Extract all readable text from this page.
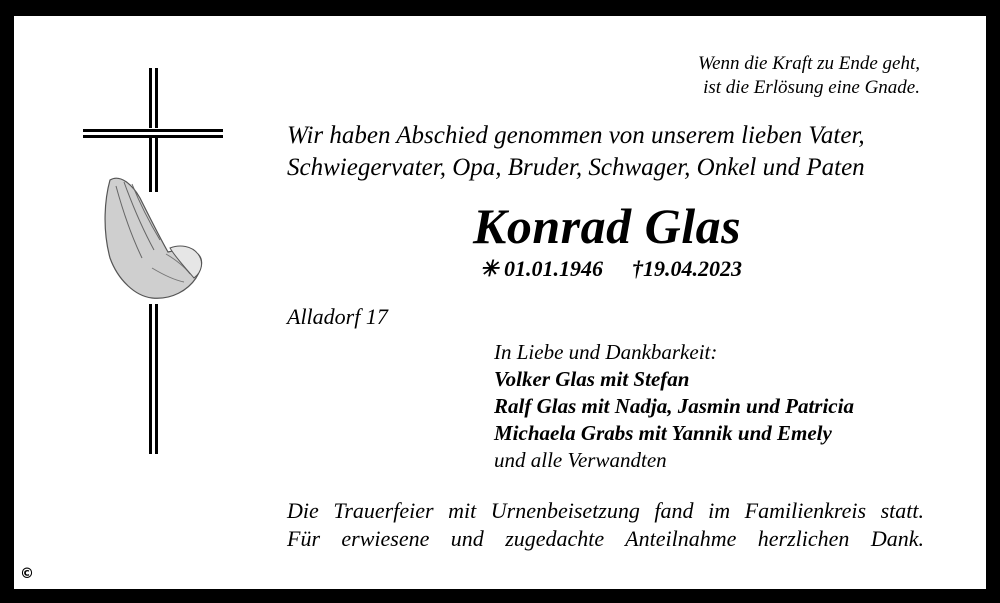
Wenn die Kraft zu Ende geht,
ist die Erlösung eine Gnade.
Wir haben Abschied genommen von unserem lieben Vater,
Schwiegervater, Opa, Bruder, Schwager, Onkel und Paten
Konrad Glas
✳ 01.01.1946 †19.04.2023
Alladorf 17
In Liebe und Dankbarkeit:
Volker Glas mit Stefan
Ralf Glas mit Nadja, Jasmin und Patricia
Michaela Grabs mit Yannik und Emely
und alle Verwandten
Die Trauerfeier mit Urnenbeisetzung fand im Familienkreis statt.
Für erwiesene und zugedachte Anteilnahme herzlichen Dank.
©
